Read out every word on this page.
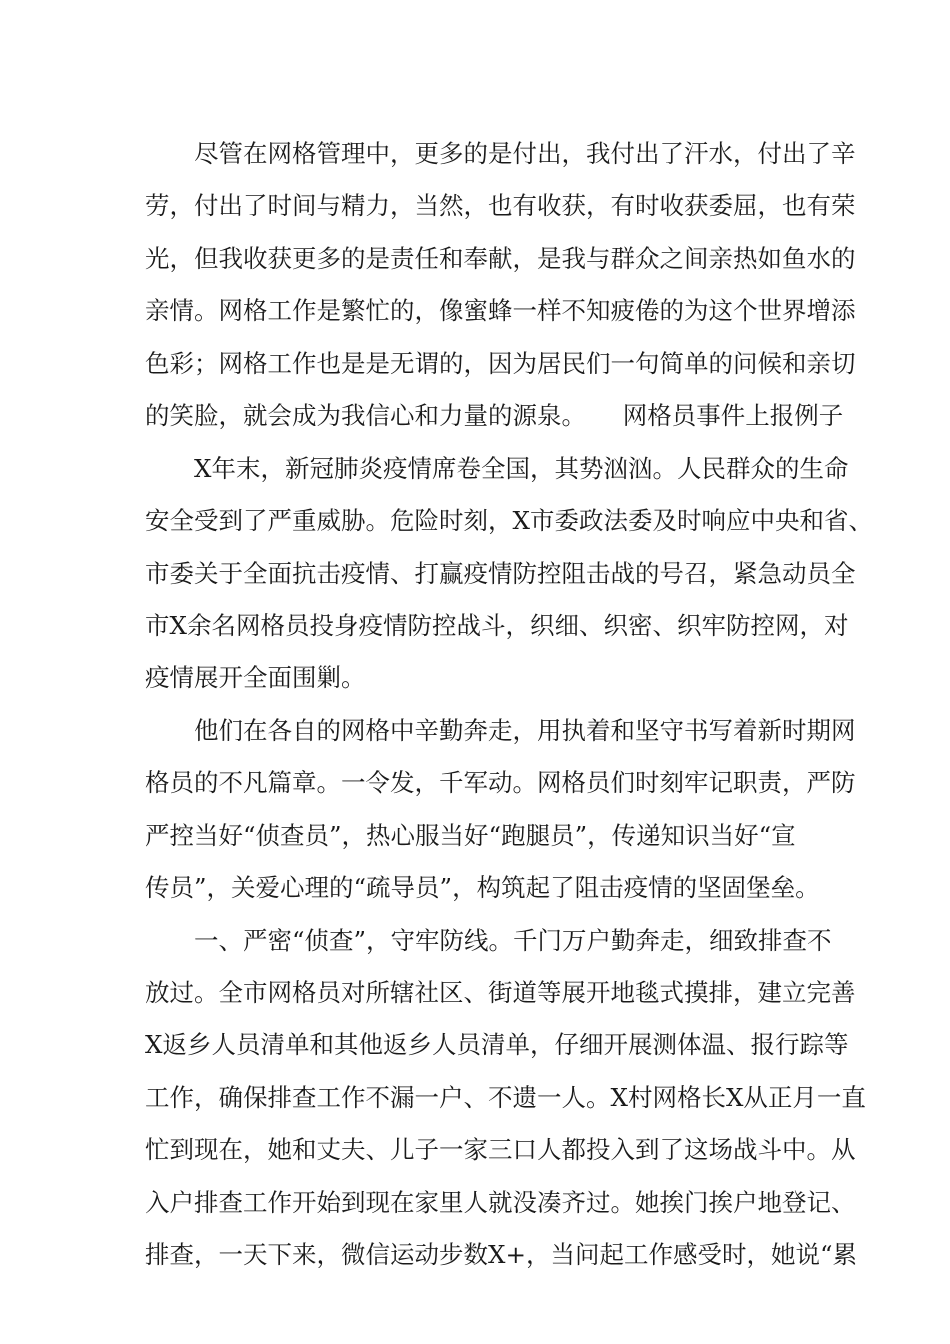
　　尽管在网格管理中，更多的是付出，我付出了汗水，付出了辛
劳，付出了时间与精力，当然，也有收获，有时收获委屈，也有荣
光，但我收获更多的是责任和奉献，是我与群众之间亲热如鱼水的
亲情。网格工作是繁忙的，像蜜蜂一样不知疲倦的为这个世界增添
色彩；网格工作也是是无谓的，因为居民们一句简单的问候和亲切
的笑脸，就会成为我信心和力量的源泉。　　网格员事件上报例子
　　X年末，新冠肺炎疫情席卷全国，其势汹汹。人民群众的生命
安全受到了严重威胁。危险时刻，X市委政法委及时响应中央和省、
市委关于全面抗击疫情、打赢疫情防控阻击战的号召，紧急动员全
市X余名网格员投身疫情防控战斗，织细、织密、织牢防控网，对
疫情展开全面围剿。
　　他们在各自的网格中辛勤奔走，用执着和坚守书写着新时期网
格员的不凡篇章。一令发，千军动。网格员们时刻牢记职责，严防
严控当好“侦查员”，热心服当好“跑腿员”，传递知识当好“宣
传员”，关爱心理的“疏导员”，构筑起了阻击疫情的坚固堡垒。
　　一、严密“侦查”，守牢防线。千门万户勤奔走，细致排查不
放过。全市网格员对所辖社区、街道等展开地毯式摸排，建立完善
X返乡人员清单和其他返乡人员清单，仔细开展测体温、报行踪等
工作，确保排查工作不漏一户、不遗一人。X村网格长X从正月一直
忙到现在，她和丈夫、儿子一家三口人都投入到了这场战斗中。从
入户排查工作开始到现在家里人就没凑齐过。她挨门挨户地登记、
排查，一天下来，微信运动步数X+，当问起工作感受时，她说“累
